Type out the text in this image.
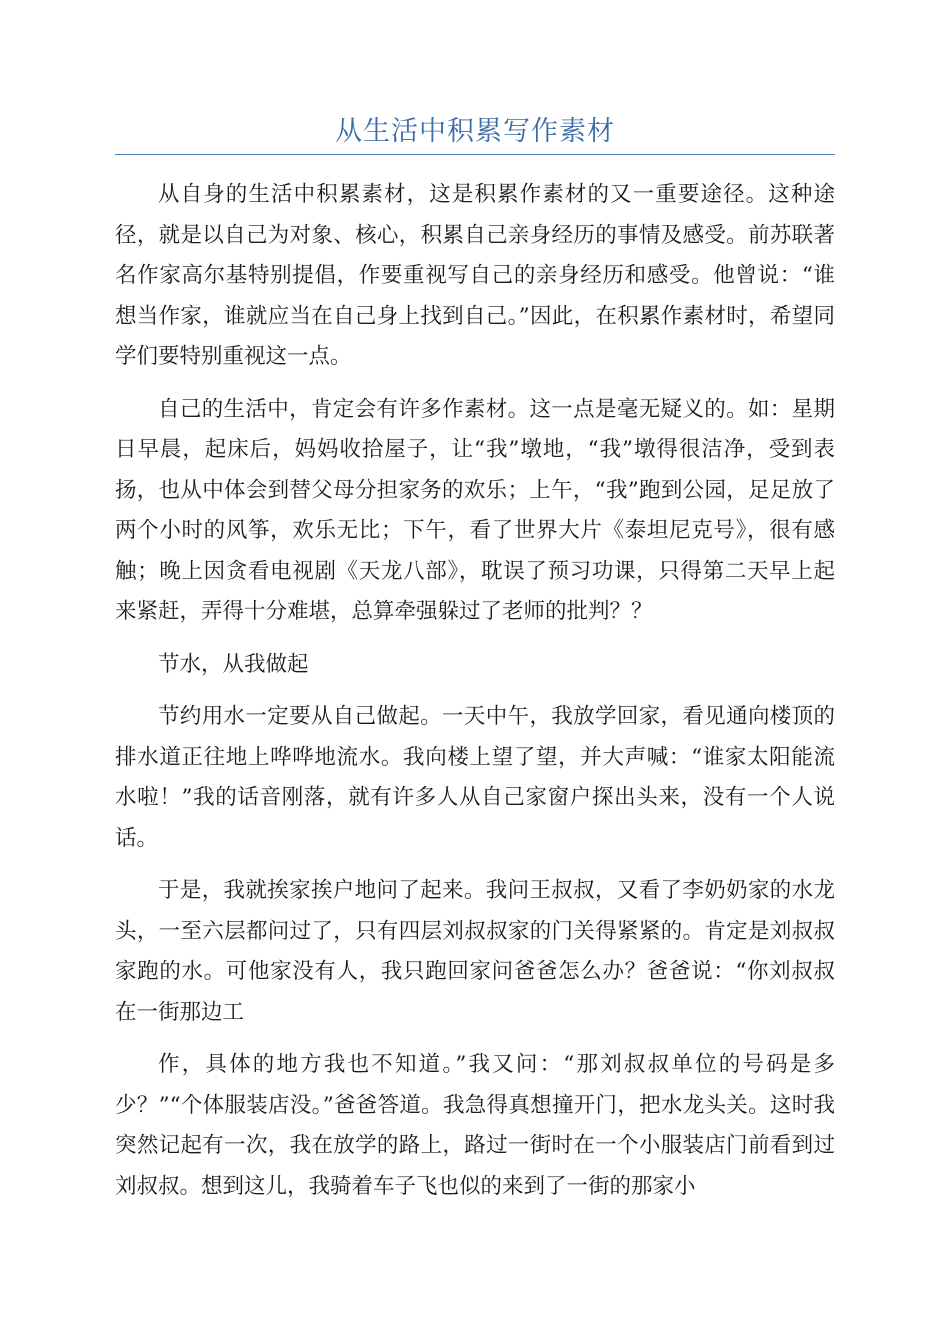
从生活中积累写作素材

从自身的生活中积累素材，这是积累作素材的又一重要途径。这种途径，就是以自己为对象、核心，积累自己亲身经历的事情及感受。前苏联著名作家高尔基特别提倡，作要重视写自己的亲身经历和感受。他曾说：“谁想当作家，谁就应当在自己身上找到自己。”因此，在积累作素材时，希望同学们要特别重视这一点。

自己的生活中，肯定会有许多作素材。这一点是毫无疑义的。如：星期日早晨，起床后，妈妈收拾屋子，让“我”墩地，“我”墩得很洁净，受到表扬，也从中体会到替父母分担家务的欢乐；上午，“我”跑到公园，足足放了两个小时的风筝，欢乐无比；下午，看了世界大片《泰坦尼克号》，很有感触；晚上因贪看电视剧《天龙八部》，耽误了预习功课，只得第二天早上起来紧赶，弄得十分难堪，总算牵强躲过了老师的批判？？

节水，从我做起

节约用水一定要从自己做起。一天中午，我放学回家，看见通向楼顶的排水道正往地上哗哗地流水。我向楼上望了望，并大声喊：“谁家太阳能流水啦！”我的话音刚落，就有许多人从自己家窗户探出头来，没有一个人说话。

于是，我就挨家挨户地问了起来。我问王叔叔，又看了李奶奶家的水龙头，一至六层都问过了，只有四层刘叔叔家的门关得紧紧的。肯定是刘叔叔家跑的水。可他家没有人，我只跑回家问爸爸怎么办？爸爸说：“你刘叔叔在一街那边工

作，具体的地方我也不知道。”我又问：“那刘叔叔单位的号码是多少？”“个体服装店没。”爸爸答道。我急得真想撞开门，把水龙头关。这时我突然记起有一次，我在放学的路上，路过一街时在一个小服装店门前看到过刘叔叔。想到这儿，我骑着车子飞也似的来到了一街的那家小
